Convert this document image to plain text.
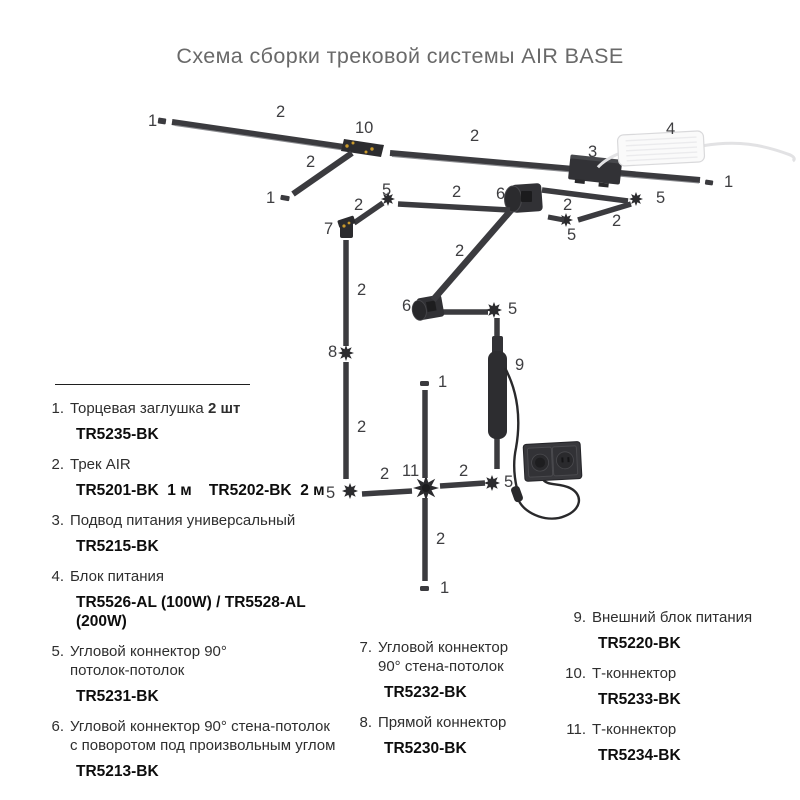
Схема сборки трековой системы AIR BASE
1	2
10	2
3
4
1
2
1	5
2
7
2 6
2	5
2
5
2
6	5
9
2
8
2
1
5
2 11 2
5
2
1
1. Торцевая заглушка 2 шт
TR5235-BK
2. Трек AIR
TR5201-BK  1 м    TR5202-BK  2 м
3. Подвод питания универсальный
TR5215-BK
4. Блок питания
TR5526-AL (100W) / TR5528-AL (200W)
5. Угловой коннектор 90°
потолок-потолок
TR5231-BK
6. Угловой коннектор 90° стена-потолок
с поворотом под произвольным углом
TR5213-BK
7. Угловой коннектор
90° стена-потолок
TR5232-BK
8. Прямой коннектор
TR5230-BK
9. Внешний блок питания
TR5220-BK
10. Т-коннектор
TR5233-BK
11. Т-коннектор
TR5234-BK
